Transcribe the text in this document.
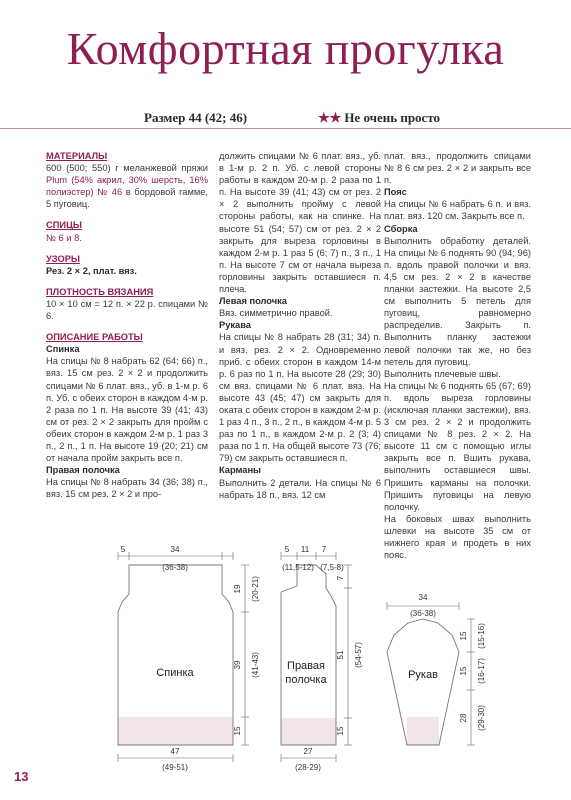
Комфортная прогулка
Размер 44 (42; 46)	★★ Не очень просто

МАТЕРИАЛЫ

600 (500; 550) г меланжевой пряжи Plum (54% акрил, 30% шерсть, 16% полиэстер) № 46 в бордовой гамме, 5 пуговиц.

СПИЦЫ

№ 6 и 8.

УЗОРЫ

Рез. 2 × 2, плат. вяз.

ПЛОТНОСТЬ ВЯЗАНИЯ

10 × 10 см = 12 п. × 22 р. спицами № 6.

ОПИСАНИЕ РАБОТЫ

Спинка

На спицы № 8 набрать 62 (64; 66) п., вяз. 15 см рез. 2 × 2 и продолжить спицами № 6 плат. вяз., уб. в 1-м р. 6 п. Уб. с обеих сторон в каждом 4-м р. 2 раза по 1 п. На высоте 39 (41; 43) см от рез. 2 × 2 закрыть для пройм с обеих сторон в каждом 2-м р. 1 раз 3 п., 2 п., 1 п. На высоте 19 (20; 21) см от начала пройм закрыть все п.

Правая полочка

На спицы № 8 набрать 34 (36; 38) п., вяз. 15 см рез. 2 × 2 и про-

должить спицами № 6 плат. вяз., уб. в 1-м р. 2 п. Уб. с левой стороны работы в каждом 20-м р. 2 раза по 1 п. На высоте 39 (41; 43) см от рез. 2 × 2 выполнить пройму с левой стороны работы, как на спинке. На высоте 51 (54; 57) см от рез. 2 × 2 закрыть для выреза горловины в каждом 2-м р. 1 раз 5 (6; 7) п., 3 п., 1 п. На высоте 7 см от начала выреза горловины закрыть оставшиеся п. плеча.

Левая полочка

Вяз. симметрично правой.

Рукава

На спицы № 8 набрать 28 (31; 34) п. и вяз. рез. 2 × 2. Одновременно приб. с обеих сторон в каждом 14-м р. 6 раз по 1 п. На высоте 28 (29; 30) см вяз. спицами № 6 плат. вяз. На высоте 43 (45; 47) см закрыть для оката с обеих сторон в каждом 2-м р. 1 раз 4 п., 3 п., 2 п., в каждом 4-м р. 5 раз по 1 п., в каждом 2-м р. 2 (3; 4) раза по 1 п. На общей высоте 73 (76; 79) см закрыть оставшиеся п.

Карманы

Выполнить 2 детали. На спицы № 6 набрать 18 п., вяз. 12 см

плат. вяз., продолжить спицами № 8 6 см рез. 2 × 2 и закрыть все п.

Пояс

На спицы № 6 набрать 6 п. и вяз. плат. вяз. 120 см. Закрыть все п.

Сборка

Выполнить обработку деталей. На спицы № 6 поднять 90 (94; 96) п. вдоль правой полочки и вяз. 4,5 см рез. 2 × 2 в качестве планки застежки. На высоте 2,5 см выполнить 5 петель для пуговиц, равномерно распределив. Закрыть п. Выполнить планку застежки левой полочки так же, но без петель для пуговиц.

Выполнить плечевые швы.

На спицы № 6 поднять 65 (67; 69) п. вдоль выреза горловины (исключая планки застежки), вяз. 3 см рез. 2 × 2 и продолжить спицами № 8 рез. 2 × 2. На высоте 11 см с помощью иглы закрыть все п. Вшить рукава, выполнить оставшиеся швы. Пришить карманы на полочки. Пришить пуговицы на левую полочку.

На боковых швах выполнить шлевки на высоте 35 см от нижнего края и продеть в них пояс.

Спинка
5	34
(36-38)
47
(49-51)
19 (20-21)
39 (41-43)
15
Правая
полочка
5 11 7
(11,5-12) (7,5-8)
7
51 (54-57)
15
27
(28-29)
Рукав
34
(36-38)
15 (15-16)
15 (16-17)
28 (29-30)
13
